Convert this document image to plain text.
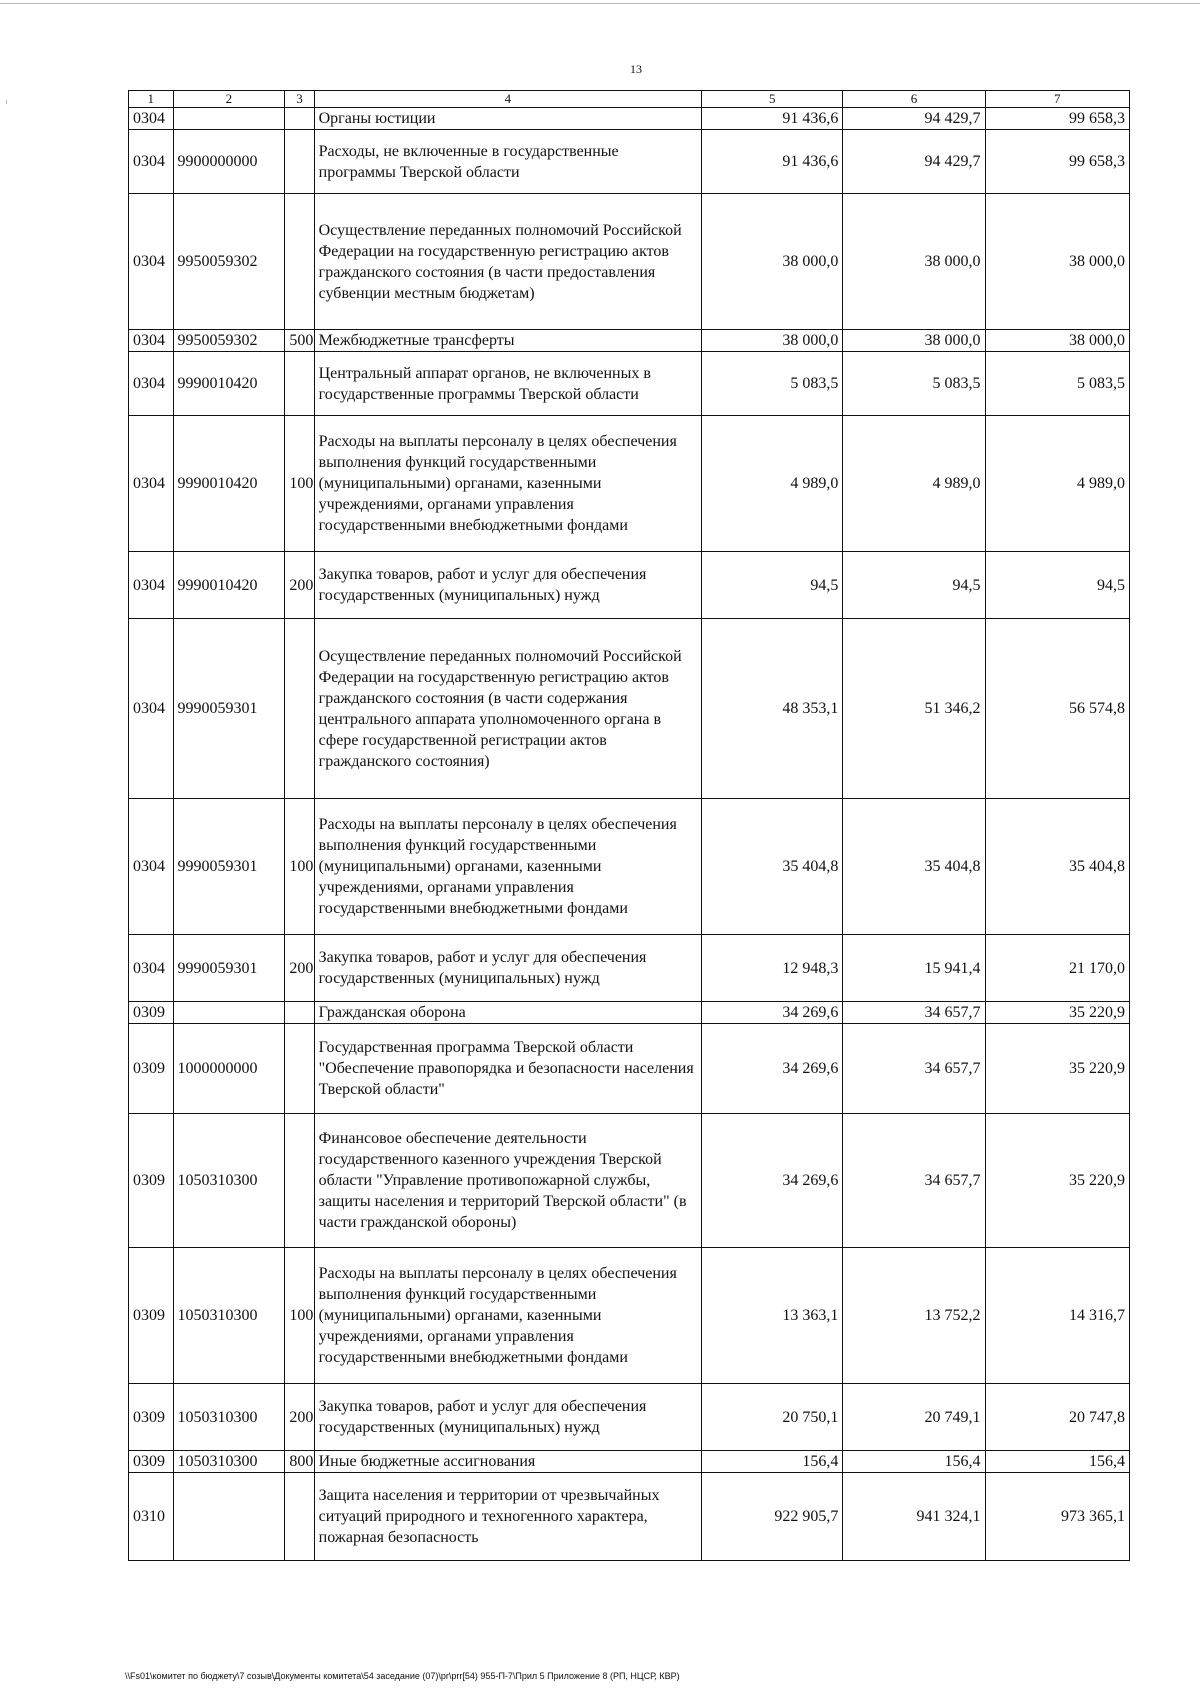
13
1	2	3	4	5	6	7
0304			Органы юстиции	91 436,6	94 429,7	99 658,3
0304	9900000000		Расходы, не включенные в государственные программы Тверской области	91 436,6	94 429,7	99 658,3
0304	9950059302		Осуществление переданных полномочий Российской Федерации на государственную регистрацию актов гражданского состояния (в части предоставления субвенции местным бюджетам)	38 000,0	38 000,0	38 000,0
0304	9950059302	500	Межбюджетные трансферты	38 000,0	38 000,0	38 000,0
0304	9990010420		Центральный аппарат органов, не включенных в государственные программы Тверской области	5 083,5	5 083,5	5 083,5
0304	9990010420	100	Расходы на выплаты персоналу в целях обеспечения выполнения функций государственными (муниципальными) органами, казенными учреждениями, органами управления государственными внебюджетными фондами	4 989,0	4 989,0	4 989,0
0304	9990010420	200	Закупка товаров, работ и услуг для обеспечения государственных (муниципальных) нужд	94,5	94,5	94,5
0304	9990059301		Осуществление переданных полномочий Российской Федерации на государственную регистрацию актов гражданского состояния (в части содержания центрального аппарата уполномоченного органа в сфере государственной регистрации актов гражданского состояния)	48 353,1	51 346,2	56 574,8
0304	9990059301	100	Расходы на выплаты персоналу в целях обеспечения выполнения функций государственными (муниципальными) органами, казенными учреждениями, органами управления государственными внебюджетными фондами	35 404,8	35 404,8	35 404,8
0304	9990059301	200	Закупка товаров, работ и услуг для обеспечения государственных (муниципальных) нужд	12 948,3	15 941,4	21 170,0
0309			Гражданская оборона	34 269,6	34 657,7	35 220,9
0309	1000000000		Государственная программа Тверской области "Обеспечение правопорядка и безопасности населения Тверской области"	34 269,6	34 657,7	35 220,9
0309	1050310300		Финансовое обеспечение деятельности государственного казенного учреждения Тверской области "Управление противопожарной службы, защиты населения и территорий Тверской области" (в части гражданской обороны)	34 269,6	34 657,7	35 220,9
0309	1050310300	100	Расходы на выплаты персоналу в целях обеспечения выполнения функций государственными (муниципальными) органами, казенными учреждениями, органами управления государственными внебюджетными фондами	13 363,1	13 752,2	14 316,7
0309	1050310300	200	Закупка товаров, работ и услуг для обеспечения государственных (муниципальных) нужд	20 750,1	20 749,1	20 747,8
0309	1050310300	800	Иные бюджетные ассигнования	156,4	156,4	156,4
0310			Защита населения и территории от чрезвычайных ситуаций природного и техногенного характера, пожарная безопасность	922 905,7	941 324,1	973 365,1
\\Fs01\комитет по бюджету\7 созыв\Документы комитета\54 заседание (07)\pr\prr[54) 955-П-7\Прил 5 Приложение 8 (РП, НЦСР, КВР)
